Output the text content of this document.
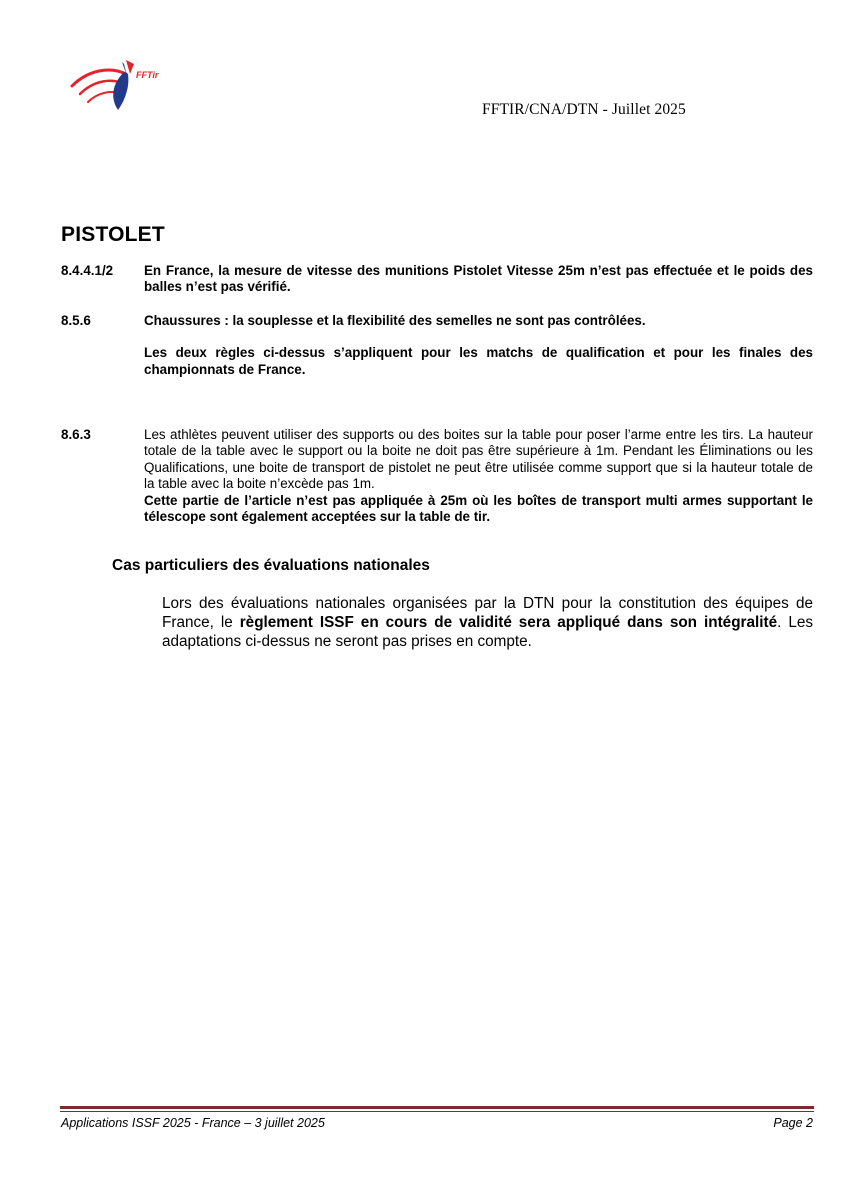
FFTir
FFTIR/CNA/DTN - Juillet 2025
PISTOLET
8.4.4.1/2 En France, la mesure de vitesse des munitions Pistolet Vitesse 25m n’est pas effectuée et le poids des balles n’est pas vérifié.

8.5.6	Chaussures : la souplesse et la flexibilité des semelles ne sont pas contrôlées.

Les deux règles ci-dessus s’appliquent pour les matchs de qualification et pour les finales des championnats de France.

8.6.3	Les athlètes peuvent utiliser des supports ou des boites sur la table pour poser l’arme entre les tirs. La hauteur totale de la table avec le support ou la boite ne doit pas être supérieure à 1m. Pendant les Éliminations ou les Qualifications, une boite de transport de pistolet ne peut être utilisée comme support que si la hauteur totale de la table avec la boite n’excède pas 1m.

Cette partie de l’article n’est pas appliquée à 25m où les boîtes de transport multi armes supportant le télescope sont également acceptées sur la table de tir.

Cas particuliers des évaluations nationales
Lors des évaluations nationales organisées par la DTN pour la constitution des équipes de France, le règlement ISSF en cours de validité sera appliqué dans son intégralité. Les adaptations ci-dessus ne seront pas prises en compte.
Applications ISSF 2025 - France – 3 juillet 2025	Page 2
